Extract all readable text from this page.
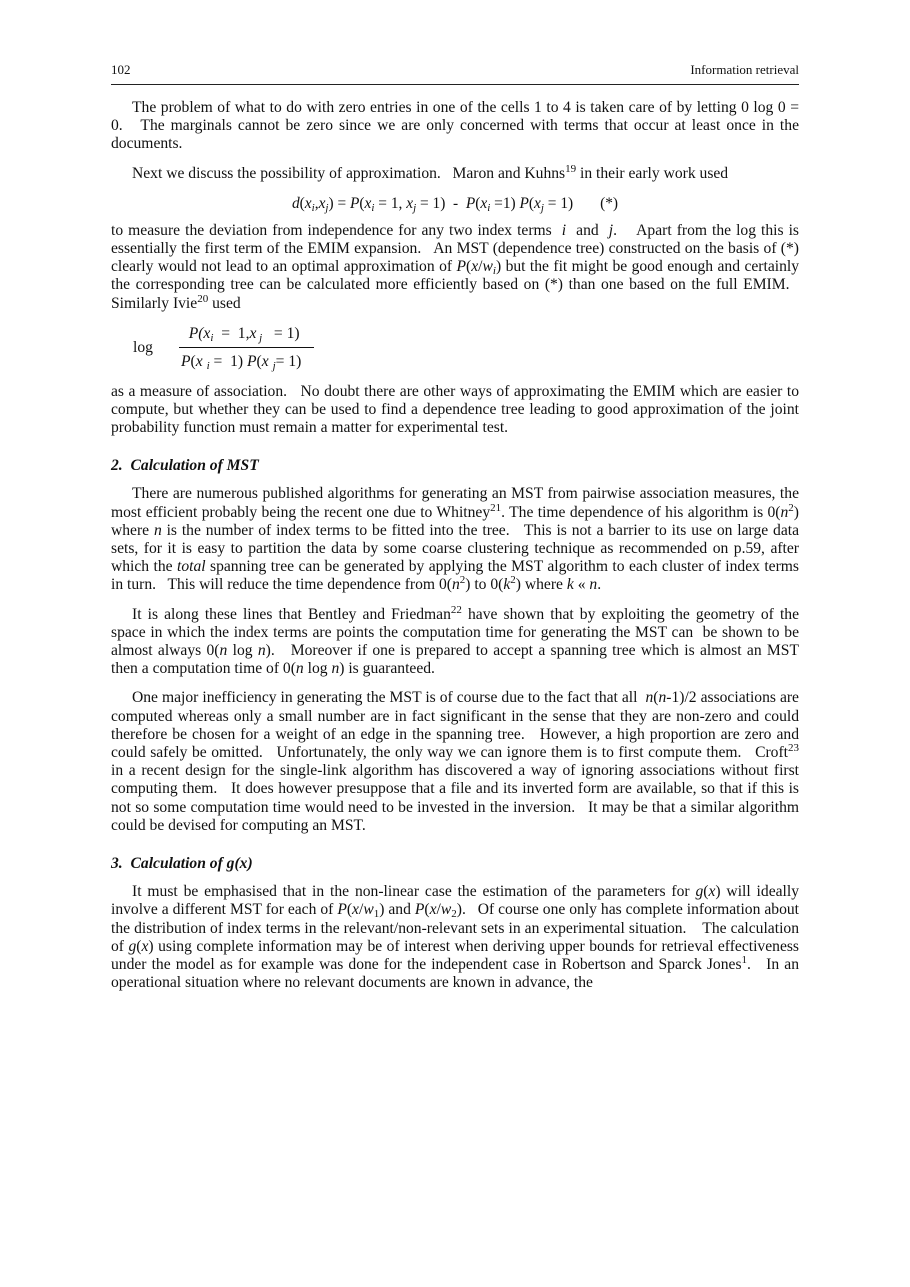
102	Information retrieval

The problem of what to do with zero entries in one of the cells 1 to 4 is taken care of by letting 0 log 0 = 0.   The marginals cannot be zero since we are only concerned with terms that occur at least once in the documents.

Next we discuss the possibility of approximation.   Maron and Kuhns$^{19}$ in their early work used

$d(x_i,x_j) = P(x_i = 1$, $x_j = 1) - P(x_i =1)$ $P(x_j = 1)$       (*)

to measure the deviation from independence for any two index terms  i  and  j.    Apart from the log this is essentially the first term of the EMIM expansion.   An MST (dependence tree) constructed on the basis of (*) clearly would not lead to an optimal approximation of $P(x/w_i)$ but the fit might be good enough and certainly the corresponding tree can be calculated more efficiently based on (*) than one based on the full EMIM.   Similarly Ivie$^{20}$ used

log	$\frac{P(x_i = 1,x _j = 1)}{P(x _i = 1) P(x _j= 1)}$

as a measure of association.   No doubt there are other ways of approximating the EMIM which are easier to compute, but whether they can be used to find a dependence tree leading to good approximation of the joint probability function must remain a matter for experimental test.

2.  Calculation of MST

There are numerous published algorithms for generating an MST from pairwise association measures, the most efficient probably being the recent one due to Whitney$^{21}$. The time dependence of his algorithm is $0(n^2)$ where n is the number of index terms to be fitted into the tree.   This is not a barrier to its use on large data sets, for it is easy to partition the data by some coarse clustering technique as recommended on p.59, after which the total spanning tree can be generated by applying the MST algorithm to each cluster of index terms in turn.   This will reduce the time dependence from $0(n^2)$ to $0(k^2)$ where k « n.

It is along these lines that Bentley and Friedman$^{22}$ have shown that by exploiting the geometry of the space in which the index terms are points the computation time for generating the MST can  be shown to be almost always 0(n log n).   Moreover if one is prepared to accept a spanning tree which is almost an MST then a computation time of 0(n log n) is guaranteed.

One major inefficiency in generating the MST is of course due to the fact that all  n(n-1)/2 associations are computed whereas only a small number are in fact significant in the sense that they are non-zero and could therefore be chosen for a weight of an edge in the spanning tree.   However, a high proportion are zero and could safely be omitted.   Unfortunately, the only way we can ignore them is to first compute them.   Croft$^{23}$ in a recent design for the single-link algorithm has discovered a way of ignoring associations without first computing them.   It does however presuppose that a file and its inverted form are available, so that if this is not so some computation time would need to be invested in the inversion.   It may be that a similar algorithm could be devised for computing an MST.

3.  Calculation of g(x)

It must be emphasised that in the non-linear case the estimation of the parameters for g(x) will ideally involve a different MST for each of $P(x/w_1)$ and $P(x/w_2)$.   Of course one only has complete information about the distribution of index terms in the relevant/non-relevant sets in an experimental situation.    The calculation of g(x) using complete information may be of interest when deriving upper bounds for retrieval effectiveness under the model as for example was done for the independent case in Robertson and Sparck Jones$^1$.   In an operational situation where no relevant documents are known in advance, the
